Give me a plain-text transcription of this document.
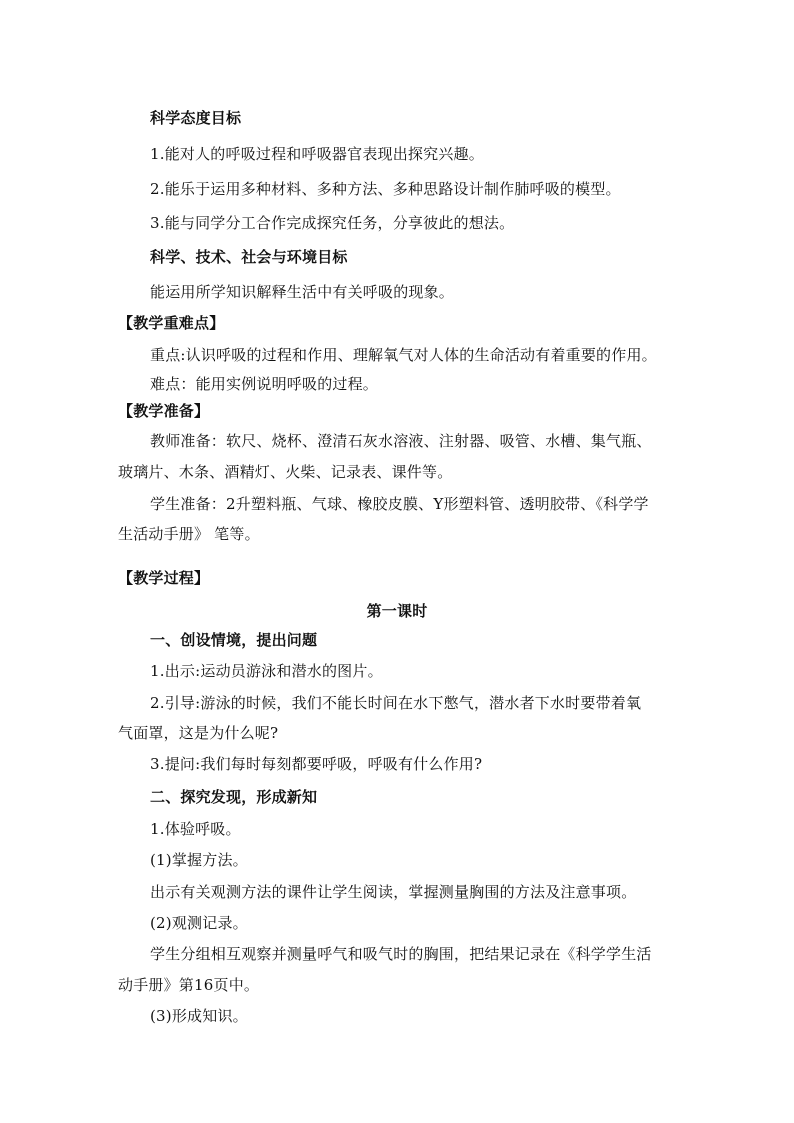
科学态度目标
1.能对人的呼吸过程和呼吸器官表现出探究兴趣。
2.能乐于运用多种材料、多种方法、多种思路设计制作肺呼吸的模型。
3.能与同学分工合作完成探究任务，分享彼此的想法。
科学、技术、社会与环境目标
能运用所学知识解释生活中有关呼吸的现象。
【教学重难点】
重点:认识呼吸的过程和作用、理解氧气对人体的生命活动有着重要的作用。
难点：能用实例说明呼吸的过程。
【教学准备】
教师准备：软尺、烧杯、澄清石灰水溶液、注射器、吸管、水槽、集气瓶、
玻璃片、木条、酒精灯、火柴、记录表、课件等。
学生准备：2升塑料瓶、气球、橡胶皮膜、Y形塑料管、透明胶带、《科学学
生活动手册》 笔等。
【教学过程】
第一课时
一、创设情境，提出问题
1.出示:运动员游泳和潜水的图片。
2.引导:游泳的时候，我们不能长时间在水下憋气，潜水者下水时要带着氧
气面罩，这是为什么呢?
3.提问:我们每时每刻都要呼吸，呼吸有什么作用?
二、探究发现，形成新知
1.体验呼吸。
(1)掌握方法。
出示有关观测方法的课件让学生阅读，掌握测量胸围的方法及注意事项。
(2)观测记录。
学生分组相互观察并测量呼气和吸气时的胸围，把结果记录在《科学学生活
动手册》第16页中。
(3)形成知识。
